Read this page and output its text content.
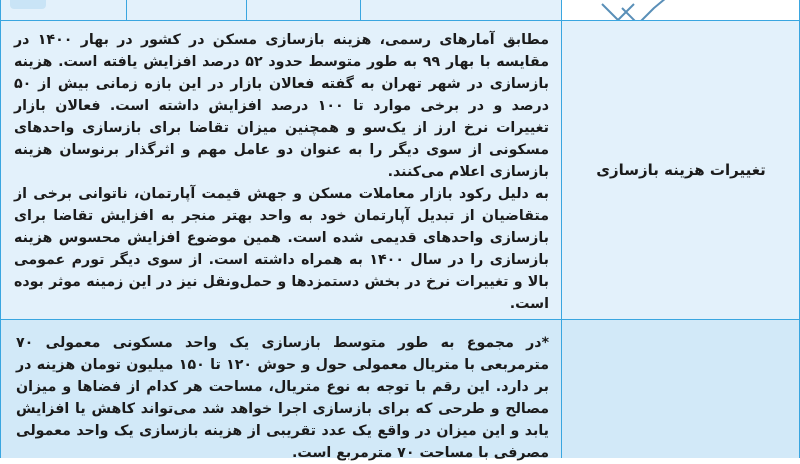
مطابق آمارهای رسمی، هزینه بازسازی مسکن در کشور در بهار ۱۴۰۰ در مقایسه با بهار ۹۹ به طور متوسط حدود ۵۲ درصد افزایش یافته است. هزینه بازسازی در شهر تهران به گفته فعالان بازار در این بازه زمانی بیش از ۵۰ درصد و در برخی موارد تا ۱۰۰ درصد افزایش داشته است. فعالان بازار تغییرات نرخ ارز از یک‌سو و همچنین میزان تقاضا برای بازسازی واحدهای مسکونی از سوی دیگر را به عنوان دو عامل مهم و اثرگذار برنوسان هزینه بازسازی اعلام می‌کنند.

به دلیل رکود بازار معاملات مسکن و جهش قیمت آپارتمان، ناتوانی برخی از متقاضیان از تبدیل آپارتمان خود به واحد بهتر منجر به افزایش تقاضا برای بازسازی واحدهای قدیمی شده است. همین موضوع افزایش محسوس هزینه بازسازی را در سال ۱۴۰۰ به همراه داشته است. از سوی دیگر تورم عمومی بالا و تغییرات نرخ در بخش دستمزدها و حمل‌ونقل نیز در این زمینه موثر بوده است.

تغییرات هزینه بازسازی

*در مجموع به طور متوسط بازسازی یک واحد مسکونی معمولی ۷۰ مترمربعی با متریال معمولی حول و حوش ۱۲۰ تا ۱۵۰ میلیون تومان هزینه در بر دارد. این رقم با توجه به نوع متریال، مساحت هر کدام از فضاها و میزان مصالح و طرحی که برای بازسازی اجرا خواهد شد می‌تواند کاهش یا افزایش یابد و این میزان در واقع یک عدد تقریبی از هزینه بازسازی یک واحد معمولی مصرفی با مساحت ۷۰ مترمربع است.
